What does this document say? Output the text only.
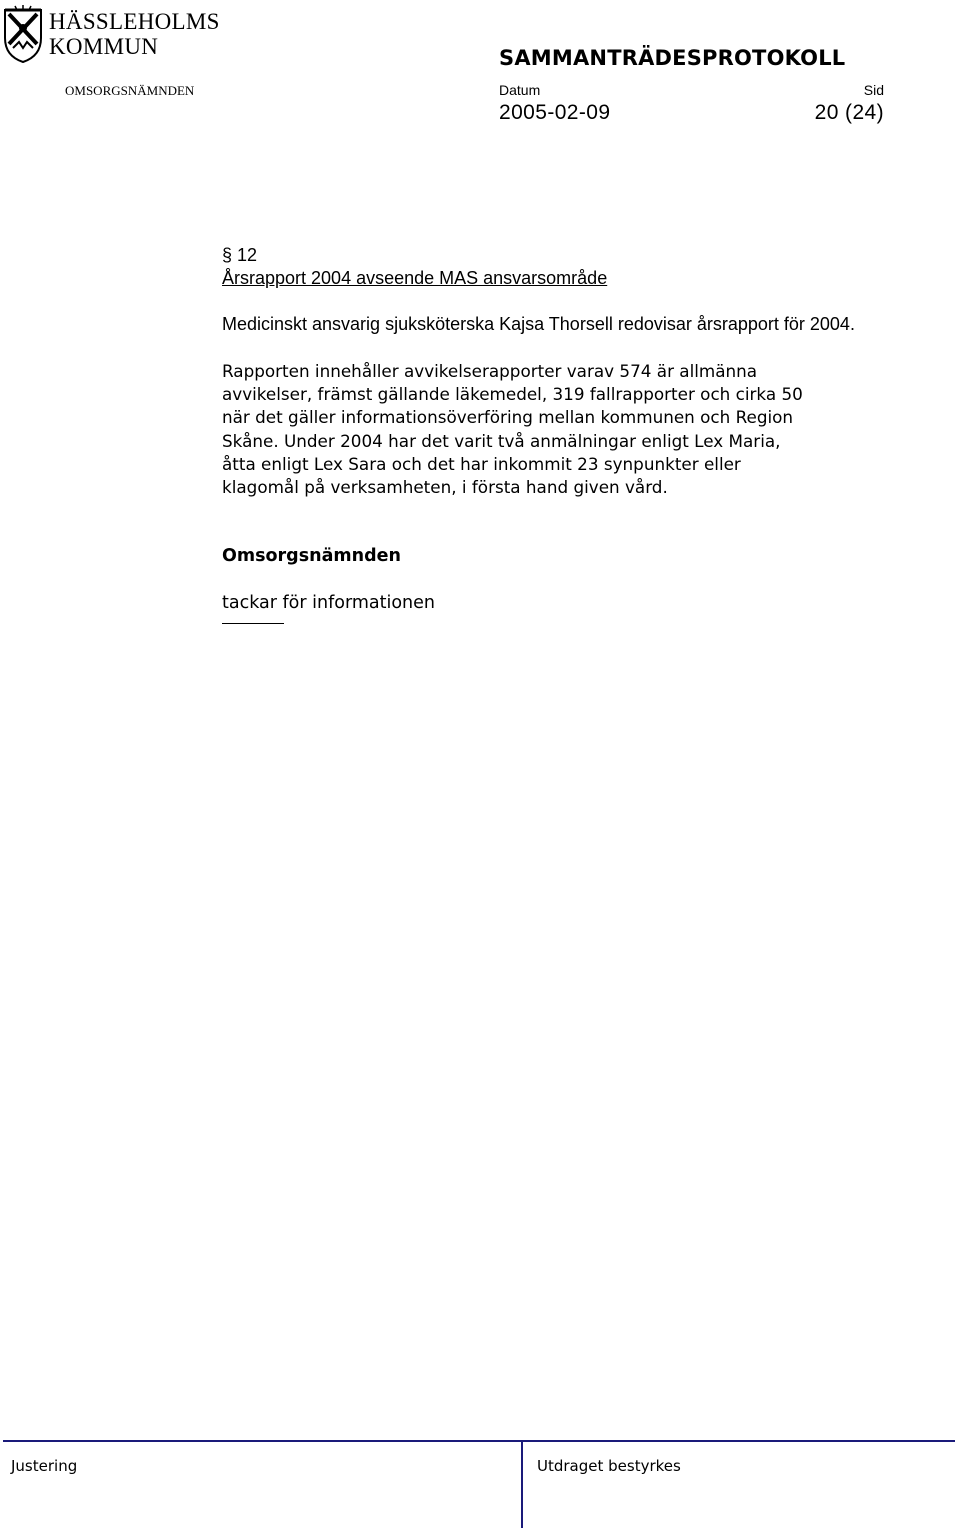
HÄSSLEHOLMS
KOMMUN	SAMMANTRÄDESPROTOKOLL
OMSORGSNÄMNDEN	Datum	Sid
2005-02-09	20 (24)
§ 12
Årsrapport 2004 avseende MAS ansvarsområde
Medicinskt ansvarig sjuksköterska Kajsa Thorsell redovisar årsrapport för 2004.
Rapporten innehåller avvikelserapporter varav 574 är allmänna
avvikelser, främst gällande läkemedel, 319 fallrapporter och cirka 50
när det gäller informationsöverföring mellan kommunen och Region
Skåne. Under 2004 har det varit två anmälningar enligt Lex Maria,
åtta enligt Lex Sara och det har inkommit 23 synpunkter eller
klagomål på verksamheten, i första hand given vård.
Omsorgsnämnden
tackar för informationen
Justering	Utdraget bestyrkes
